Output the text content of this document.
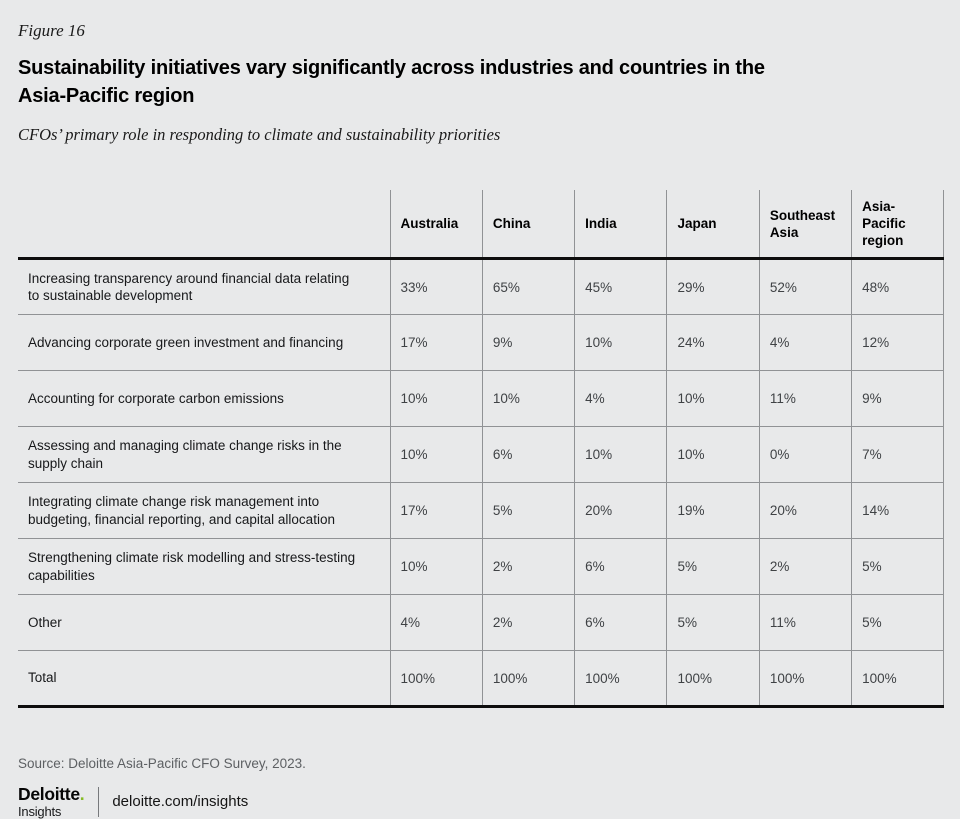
Figure 16
Sustainability initiatives vary significantly across industries and countries in the
Asia-Pacific region
CFOs’ primary role in responding to climate and sustainability priorities
	Australia	China	India	Japan	Southeast Asia	Asia-Pacific region

Increasing transparency around financial data relating to sustainable development	33%	65%	45%	29%	52%	48%

Advancing corporate green investment and financing	17%	9%	10%	24%	4%	12%

Accounting for corporate carbon emissions	10%	10%	4%	10%	11%	9%

Assessing and managing climate change risks in the supply chain	10%	6%	10%	10%	0%	7%

Integrating climate change risk management into budgeting, financial reporting, and capital allocation	17%	5%	20%	19%	20%	14%

Strengthening climate risk modelling and stress-testing capabilities	10%	2%	6%	5%	2%	5%

Other	4%	2%	6%	5%	11%	5%

Total	100%	100%	100%	100%	100%	100%
Source: Deloitte Asia-Pacific CFO Survey, 2023.
Deloitte.
Insights
deloitte.com/insights
